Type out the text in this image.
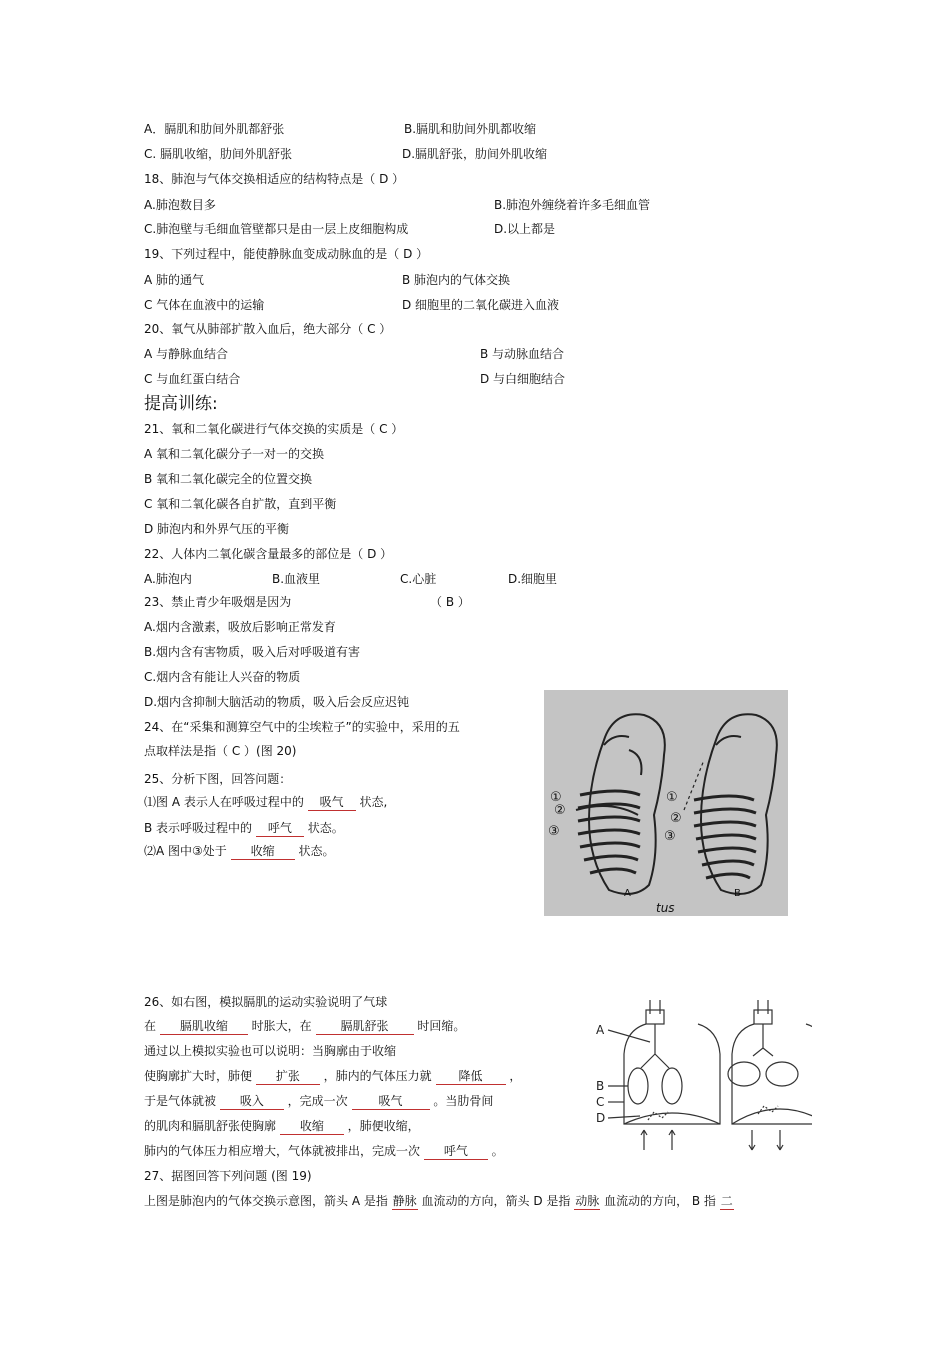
A．膈肌和肋间外肌都舒张	B.膈肌和肋间外肌都收缩
C. 膈肌收缩，肋间外肌舒张	D.膈肌舒张，肋间外肌收缩
18、肺泡与气体交换相适应的结构特点是（ D ）
A.肺泡数目多	B.肺泡外缠绕着许多毛细血管
C.肺泡壁与毛细血管壁都只是由一层上皮细胞构成	D.以上都是
19、下列过程中，能使静脉血变成动脉血的是（ D ）
A 肺的通气	B 肺泡内的气体交换
C 气体在血液中的运输	D 细胞里的二氧化碳进入血液
20、氧气从肺部扩散入血后，绝大部分（ C ）
A 与静脉血结合	B 与动脉血结合
C 与血红蛋白结合	D 与白细胞结合
提高训练:
21、氧和二氧化碳进行气体交换的实质是（ C ）
A 氧和二氧化碳分子一对一的交换
B 氧和二氧化碳完全的位置交换
C 氧和二氧化碳各自扩散，直到平衡
D 肺泡内和外界气压的平衡
22、人体内二氧化碳含量最多的部位是（ D ）
A.肺泡内	B.血液里	C.心脏	D.细胞里
23、禁止青少年吸烟是因为	（ B ）
A.烟内含激素，吸放后影响正常发育
B.烟内含有害物质，吸入后对呼吸道有害
C.烟内含有能让人兴奋的物质
D.烟内含抑制大脑活动的物质，吸入后会反应迟钝
24、在“采集和测算空气中的尘埃粒子”的实验中，采用的五
点取样法是指（ C ）(图 20)
25、分析下图，回答问题：
⑴图 A 表示人在呼吸过程中的 吸气 状态,
B 表示呼吸过程中的 呼气 状态。
⑵A 图中③处于 收缩 状态。
①
②
③
①
②
③
A	B
tus
26、如右图，模拟膈肌的运动实验说明了气球
在 膈肌收缩 时胀大，在 膈肌舒张 时回缩。
通过以上模拟实验也可以说明：当胸廓由于收缩
使胸廓扩大时，肺便 扩张 ，肺内的气体压力就 降低 ，
于是气体就被 吸入 ，完成一次	吸气	。当肋骨间
的肌肉和膈肌舒张使胸廓 收缩 ，肺便收缩，
肺内的气体压力相应增大，气体就被排出，完成一次 呼气 。
A
B
C
D
27、据图回答下列问题 (图 19)
上图是肺泡内的气体交换示意图，箭头 A 是指 静脉 血流动的方向，箭头 D 是指 动脉 血流动的方向， B 指 二
